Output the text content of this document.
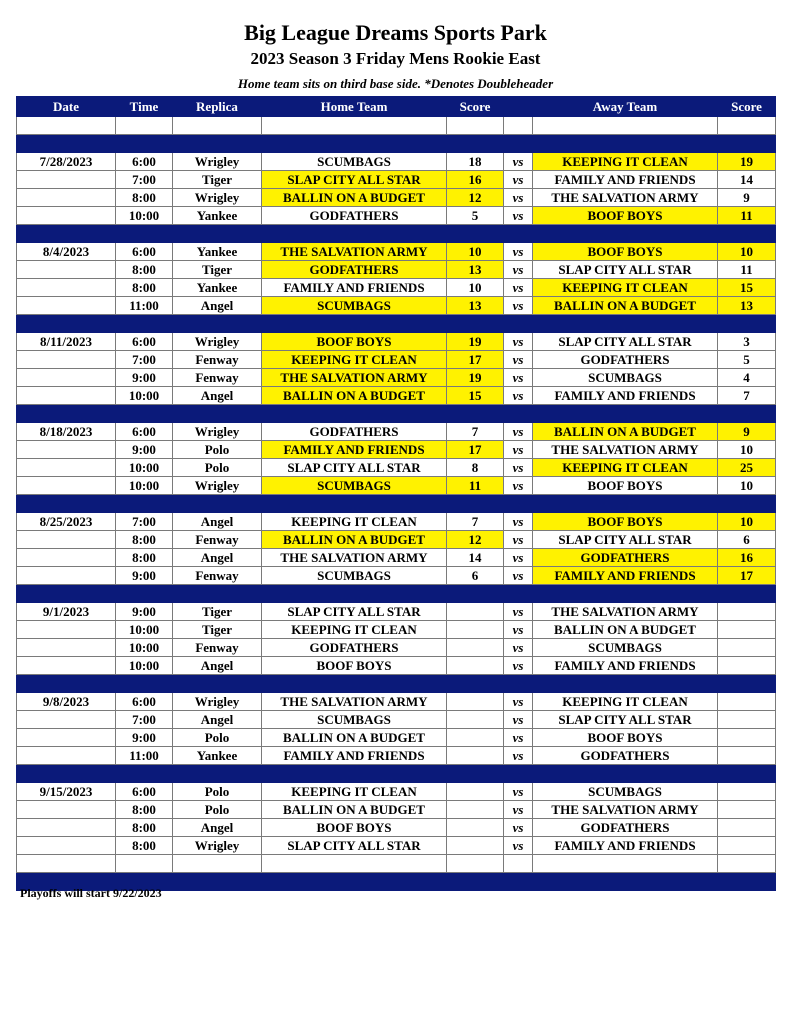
Big League Dreams Sports Park
2023 Season 3 Friday Mens Rookie East
Home team sits on third base side. *Denotes Doubleheader
Date	Time	Replica	Home Team	Score		Away Team	Score

7/28/2023	6:00	Wrigley	SCUMBAGS	18	vs	KEEPING IT CLEAN	19
	7:00	Tiger	SLAP CITY ALL STAR	16	vs	FAMILY AND FRIENDS	14
	8:00	Wrigley	BALLIN ON A BUDGET	12	vs	THE SALVATION ARMY	9
	10:00	Yankee	GODFATHERS	5	vs	BOOF BOYS	11

8/4/2023	6:00	Yankee	THE SALVATION ARMY	10	vs	BOOF BOYS	10
	8:00	Tiger	GODFATHERS	13	vs	SLAP CITY ALL STAR	11
	8:00	Yankee	FAMILY AND FRIENDS	10	vs	KEEPING IT CLEAN	15
	11:00	Angel	SCUMBAGS	13	vs	BALLIN ON A BUDGET	13

8/11/2023	6:00	Wrigley	BOOF BOYS	19	vs	SLAP CITY ALL STAR	3
	7:00	Fenway	KEEPING IT CLEAN	17	vs	GODFATHERS	5
	9:00	Fenway	THE SALVATION ARMY	19	vs	SCUMBAGS	4
	10:00	Angel	BALLIN ON A BUDGET	15	vs	FAMILY AND FRIENDS	7

8/18/2023	6:00	Wrigley	GODFATHERS	7	vs	BALLIN ON A BUDGET	9
	9:00	Polo	FAMILY AND FRIENDS	17	vs	THE SALVATION ARMY	10
	10:00	Polo	SLAP CITY ALL STAR	8	vs	KEEPING IT CLEAN	25
	10:00	Wrigley	SCUMBAGS	11	vs	BOOF BOYS	10

8/25/2023	7:00	Angel	KEEPING IT CLEAN	7	vs	BOOF BOYS	10
	8:00	Fenway	BALLIN ON A BUDGET	12	vs	SLAP CITY ALL STAR	6
	8:00	Angel	THE SALVATION ARMY	14	vs	GODFATHERS	16
	9:00	Fenway	SCUMBAGS	6	vs	FAMILY AND FRIENDS	17

9/1/2023	9:00	Tiger	SLAP CITY ALL STAR		vs	THE SALVATION ARMY	
	10:00	Tiger	KEEPING IT CLEAN		vs	BALLIN ON A BUDGET	
	10:00	Fenway	GODFATHERS		vs	SCUMBAGS	
	10:00	Angel	BOOF BOYS		vs	FAMILY AND FRIENDS	

9/8/2023	6:00	Wrigley	THE SALVATION ARMY		vs	KEEPING IT CLEAN	
	7:00	Angel	SCUMBAGS		vs	SLAP CITY ALL STAR	
	9:00	Polo	BALLIN ON A BUDGET		vs	BOOF BOYS	
	11:00	Yankee	FAMILY AND FRIENDS		vs	GODFATHERS	

9/15/2023	6:00	Polo	KEEPING IT CLEAN		vs	SCUMBAGS	
	8:00	Polo	BALLIN ON A BUDGET		vs	THE SALVATION ARMY	
	8:00	Angel	BOOF BOYS		vs	GODFATHERS	
	8:00	Wrigley	SLAP CITY ALL STAR		vs	FAMILY AND FRIENDS	

Playoffs will start 9/22/2023
